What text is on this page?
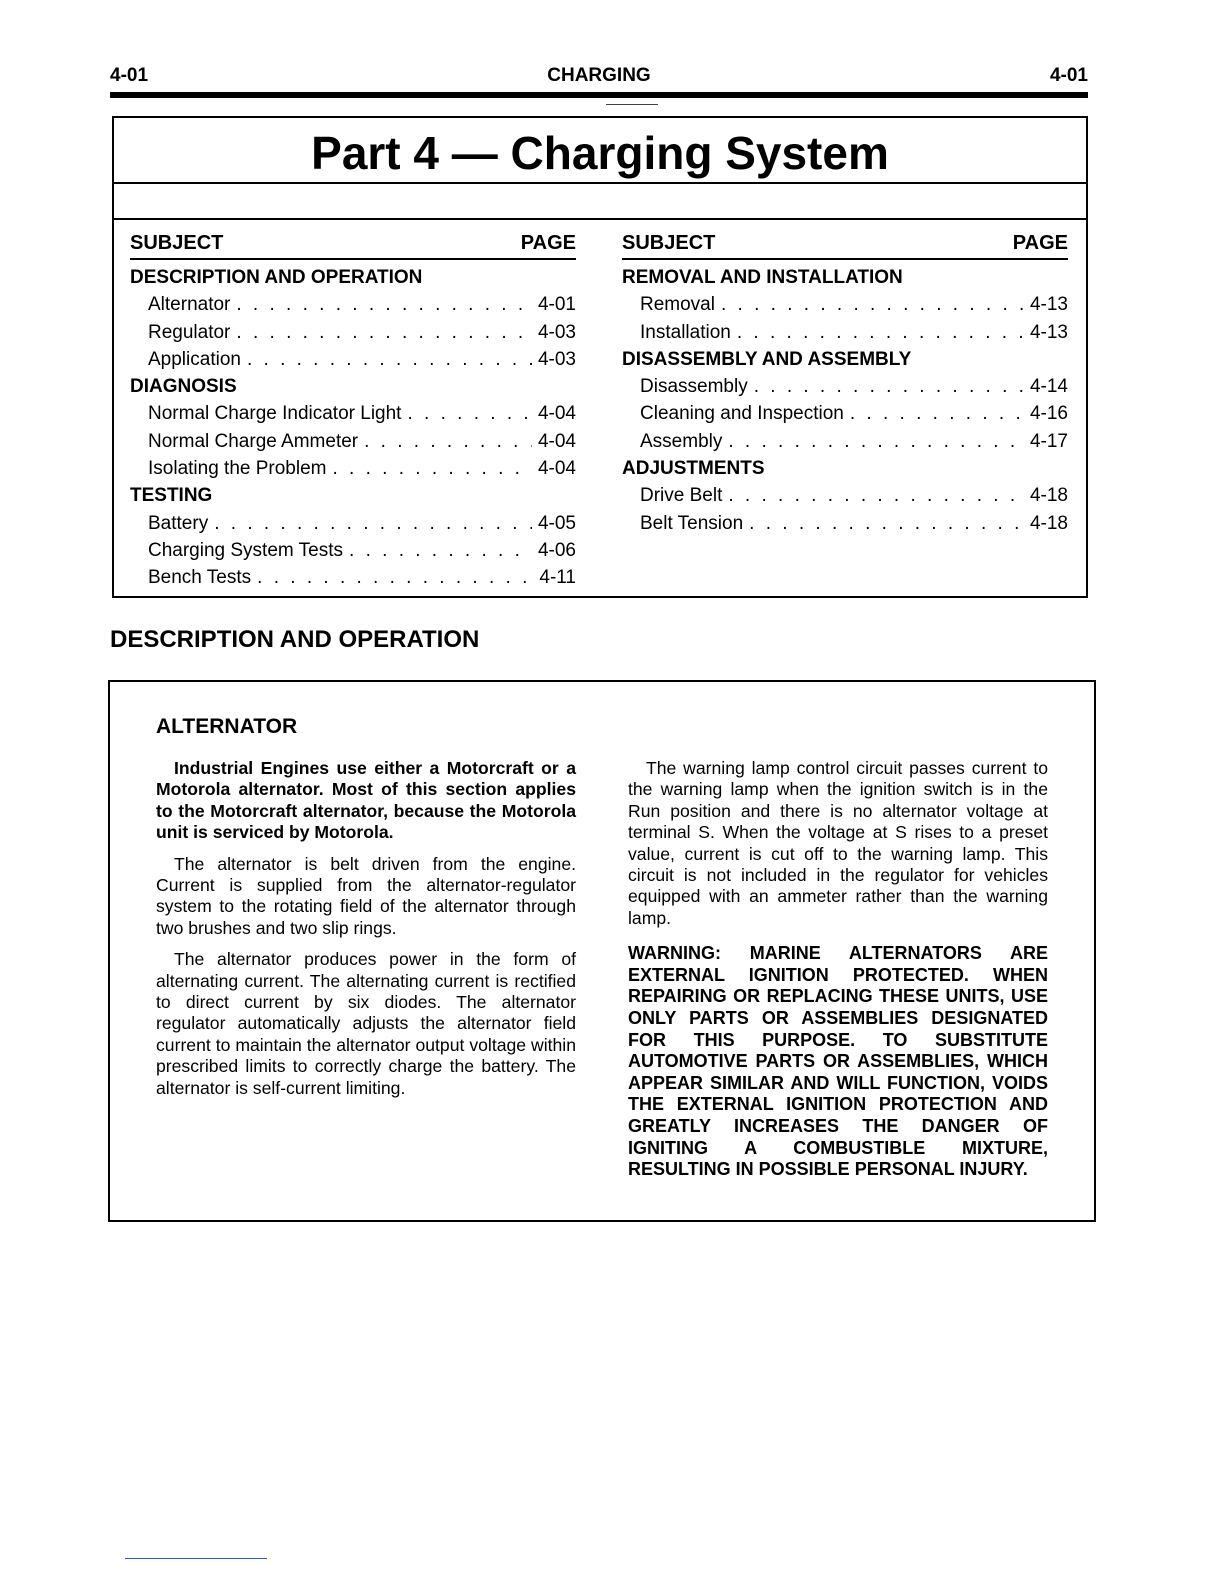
4-01	CHARGING	4-01
Part 4 — Charging System
SUBJECT	PAGE
DESCRIPTION AND OPERATION
Alternator . . .	4-01
Regulator . . .	4-03
Application . . .	4-03
DIAGNOSIS
Normal Charge Indicator Light . . .	4-04
Normal Charge Ammeter . . .	4-04
Isolating the Problem . . .	4-04
TESTING
Battery . . .	4-05
Charging System Tests . . .	4-06
Bench Tests . . .	4-11
SUBJECT	PAGE
REMOVAL AND INSTALLATION
Removal . . .	4-13
Installation . . .	4-13
DISASSEMBLY AND ASSEMBLY
Disassembly . . .	4-14
Cleaning and Inspection . . .	4-16
Assembly . . .	4-17
ADJUSTMENTS
Drive Belt . . .	4-18
Belt Tension . . .	4-18
DESCRIPTION AND OPERATION
ALTERNATOR

Industrial Engines use either a Motorcraft or a Motorola alternator. Most of this section applies to the Motorcraft alternator, because the Motorola unit is serviced by Motorola.

The alternator is belt driven from the engine. Current is supplied from the alternator-regulator system to the rotating field of the alternator through two brushes and two slip rings.

The alternator produces power in the form of alternating current. The alternating current is rectified to direct current by six diodes. The alternator regulator automatically adjusts the alternator field current to maintain the alternator output voltage within prescribed limits to correctly charge the battery. The alternator is self-current limiting.

The warning lamp control circuit passes current to the warning lamp when the ignition switch is in the Run position and there is no alternator voltage at terminal S. When the voltage at S rises to a preset value, current is cut off to the warning lamp. This circuit is not included in the regulator for vehicles equipped with an ammeter rather than the warning lamp.

WARNING: MARINE ALTERNATORS ARE EXTERNAL IGNITION PROTECTED. WHEN REPAIRING OR REPLACING THESE UNITS, USE ONLY PARTS OR ASSEMBLIES DESIGNATED FOR THIS PURPOSE. TO SUBSTITUTE AUTOMOTIVE PARTS OR ASSEMBLIES, WHICH APPEAR SIMILAR AND WILL FUNCTION, VOIDS THE EXTERNAL IGNITION PROTECTION AND GREATLY INCREASES THE DANGER OF IGNITING A COMBUSTIBLE MIXTURE, RESULTING IN POSSIBLE PERSONAL INJURY.
